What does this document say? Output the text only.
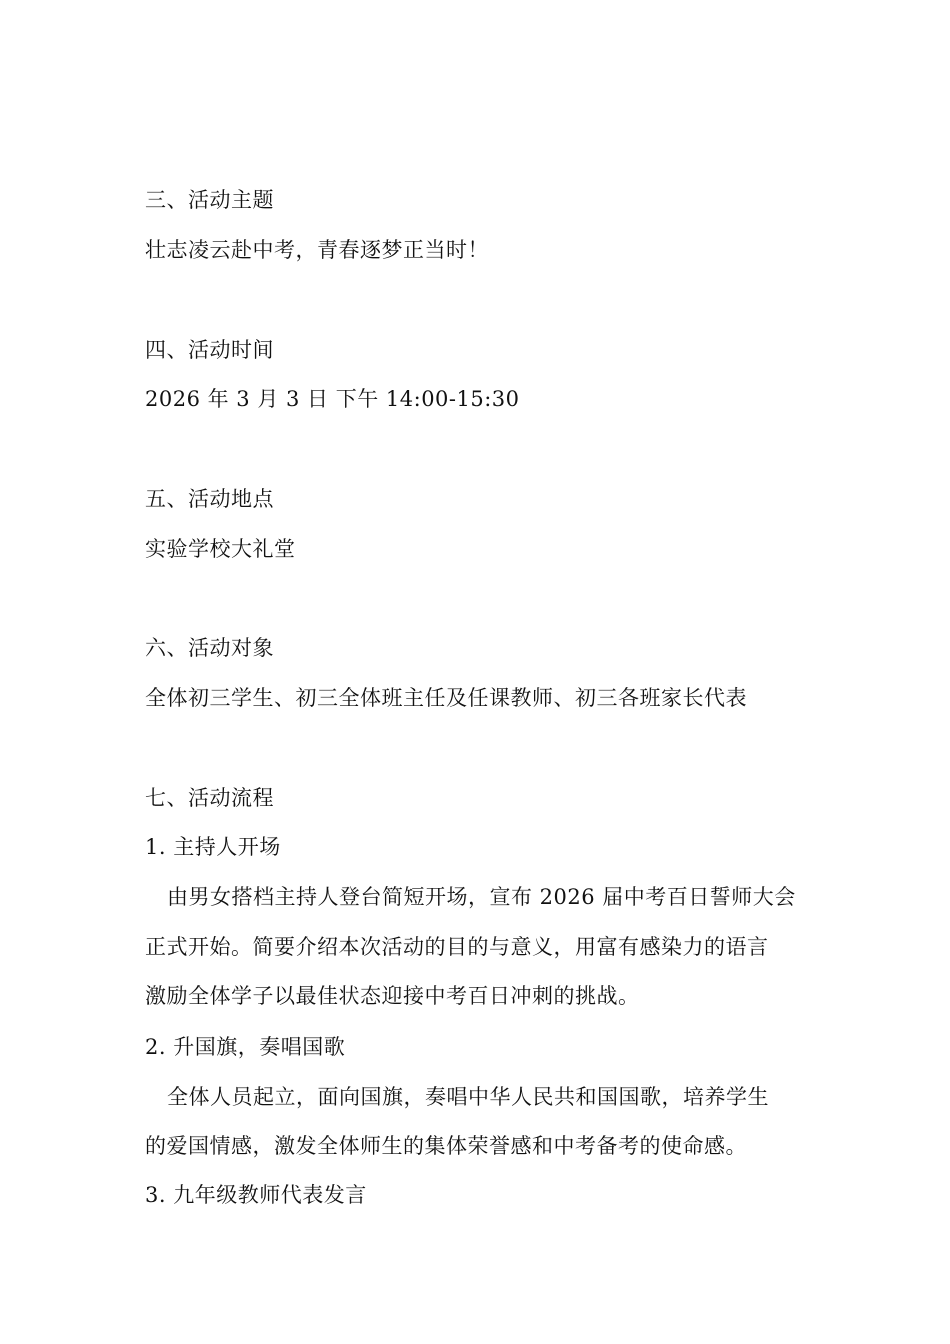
三、活动主题
壮志凌云赴中考，青春逐梦正当时！
四、活动时间
2026 年 3 月 3 日 下午 14:00-15:30
五、活动地点
实验学校大礼堂
六、活动对象
全体初三学生、初三全体班主任及任课教师、初三各班家长代表
七、活动流程
1. 主持人开场
由男女搭档主持人登台简短开场，宣布 2026 届中考百日誓师大会
正式开始。简要介绍本次活动的目的与意义，用富有感染力的语言
激励全体学子以最佳状态迎接中考百日冲刺的挑战。
2. 升国旗，奏唱国歌
全体人员起立，面向国旗，奏唱中华人民共和国国歌，培养学生
的爱国情感，激发全体师生的集体荣誉感和中考备考的使命感。
3. 九年级教师代表发言
